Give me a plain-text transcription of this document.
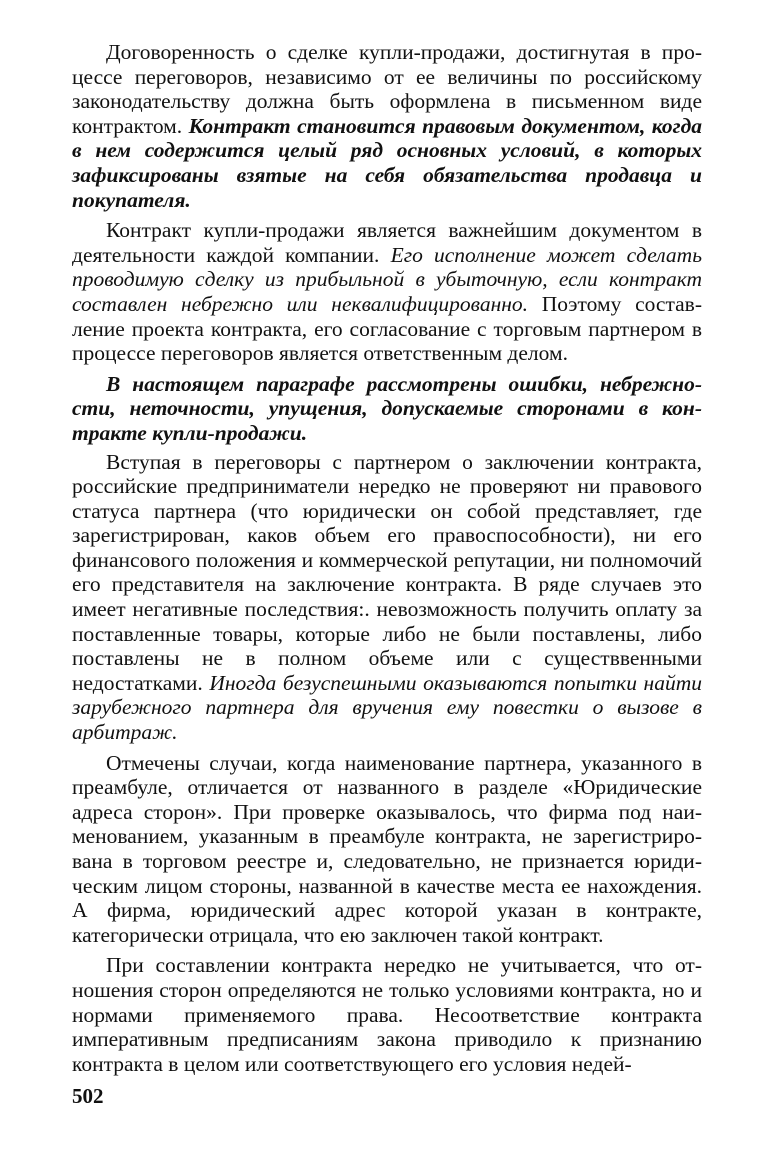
Договоренность о сделке купли-продажи, достигнутая в процессе переговоров, независимо от ее величины по российскому законодательству должна быть оформлена в письменном виде контрактом. Контракт становится правовым документом, когда в нем содержится целый ряд основных условий, в которых зафиксированы взятые на себя обязательства продавца и покупателя.

Контракт купли-продажи является важнейшим документом в деятельности каждой компании. Его исполнение может сделать проводимую сделку из прибыльной в убыточную, если контракт составлен небрежно или неквалифицированно. Поэтому составление проекта контракта, его согласование с торговым партнером в процессе переговоров является ответственным делом.

В настоящем параграфе рассмотрены ошибки, небрежности, неточности, упущения, допускаемые сторонами в контракте купли-продажи.

Вступая в переговоры с партнером о заключении контракта, российские предприниматели нередко не проверяют ни правового статуса партнера (что юридически он собой представляет, где зарегистрирован, каков объем его правоспособности), ни его финансового положения и коммерческой репутации, ни полномочий его представителя на заключение контракта. В ряде случаев это имеет негативные последствия:. невозможность получить оплату за поставленные товары, которые либо не были поставлены, либо поставлены не в полном объеме или с существвенными недостатками. Иногда безуспешными оказываются попытки найти зарубежного партнера для вручения ему повестки о вызове в арбитраж.

Отмечены случаи, когда наименование партнера, указанного в преамбуле, отличается от названного в разделе «Юридические адреса сторон». При проверке оказывалось, что фирма под наименованием, указанным в преамбуле контракта, не зарегистрирована в торговом реестре и, следовательно, не признается юридическим лицом стороны, названной в качестве места ее нахождения. А фирма, юридический адрес которой указан в контракте, категорически отрицала, что ею заключен такой контракт.

При составлении контракта нередко не учитывается, что отношения сторон определяются не только условиями контракта, но и нормами применяемого права. Несоответствие контракта императивным предписаниям закона приводило к признанию контракта в целом или соответствующего его условия недей-

502
